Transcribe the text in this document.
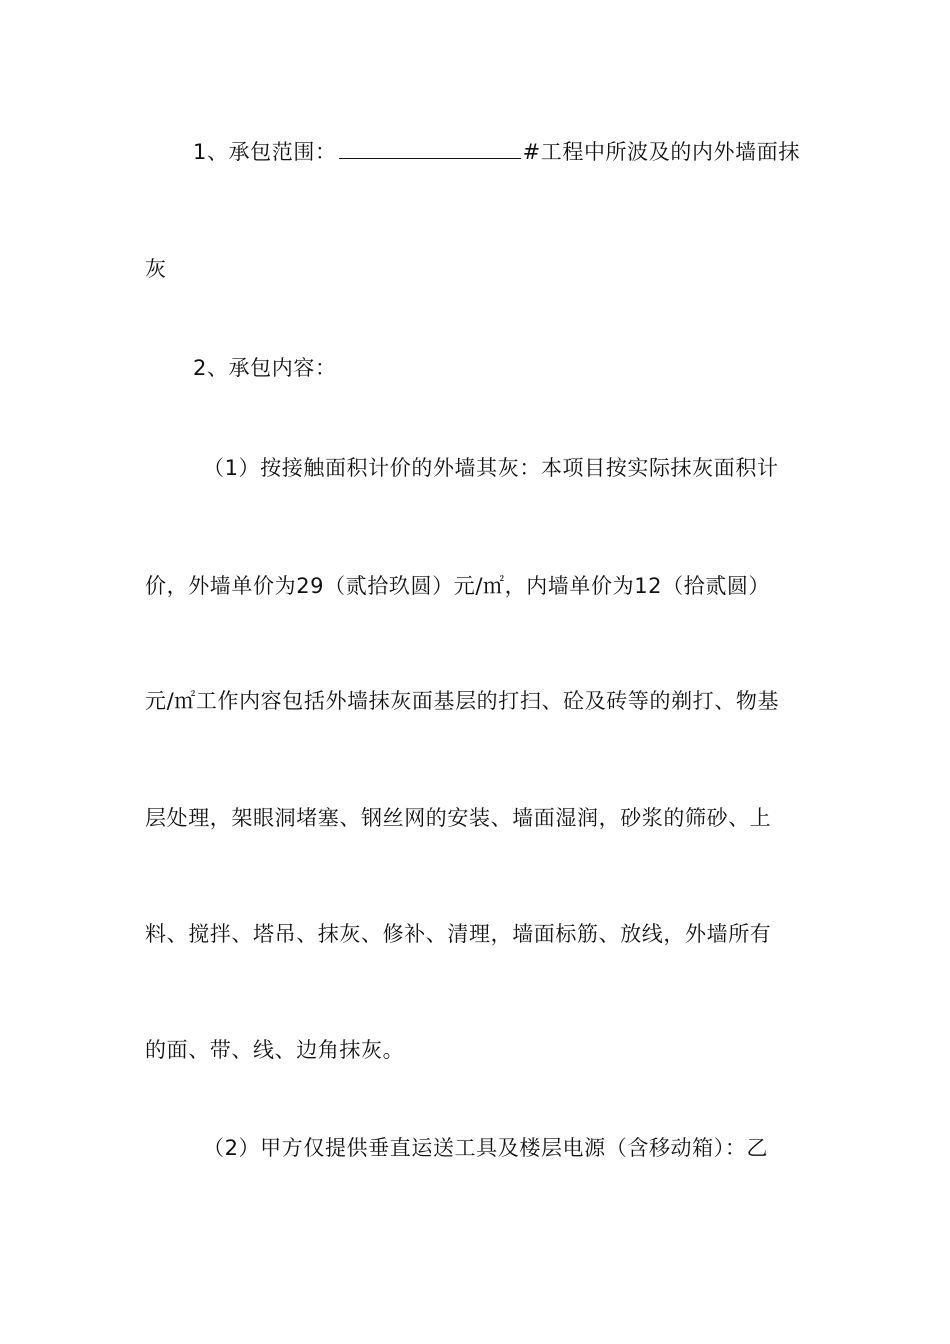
1、承包范围：	#工程中所波及的内外墙面抹
灰
2、承包内容：
（1）按接触面积计价的外墙其灰：本项目按实际抹灰面积计
价，外墙单价为29（贰拾玖圆）元/㎡，内墙单价为12（拾贰圆）
元/㎡工作内容包括外墙抹灰面基层的打扫、砼及砖等的剃打、物基
层处理，架眼洞堵塞、钢丝网的安装、墙面湿润，砂浆的筛砂、上
料、搅拌、塔吊、抹灰、修补、清理，墙面标筋、放线，外墙所有
的面、带、线、边角抹灰。
（2）甲方仅提供垂直运送工具及楼层电源（含移动箱）：乙
